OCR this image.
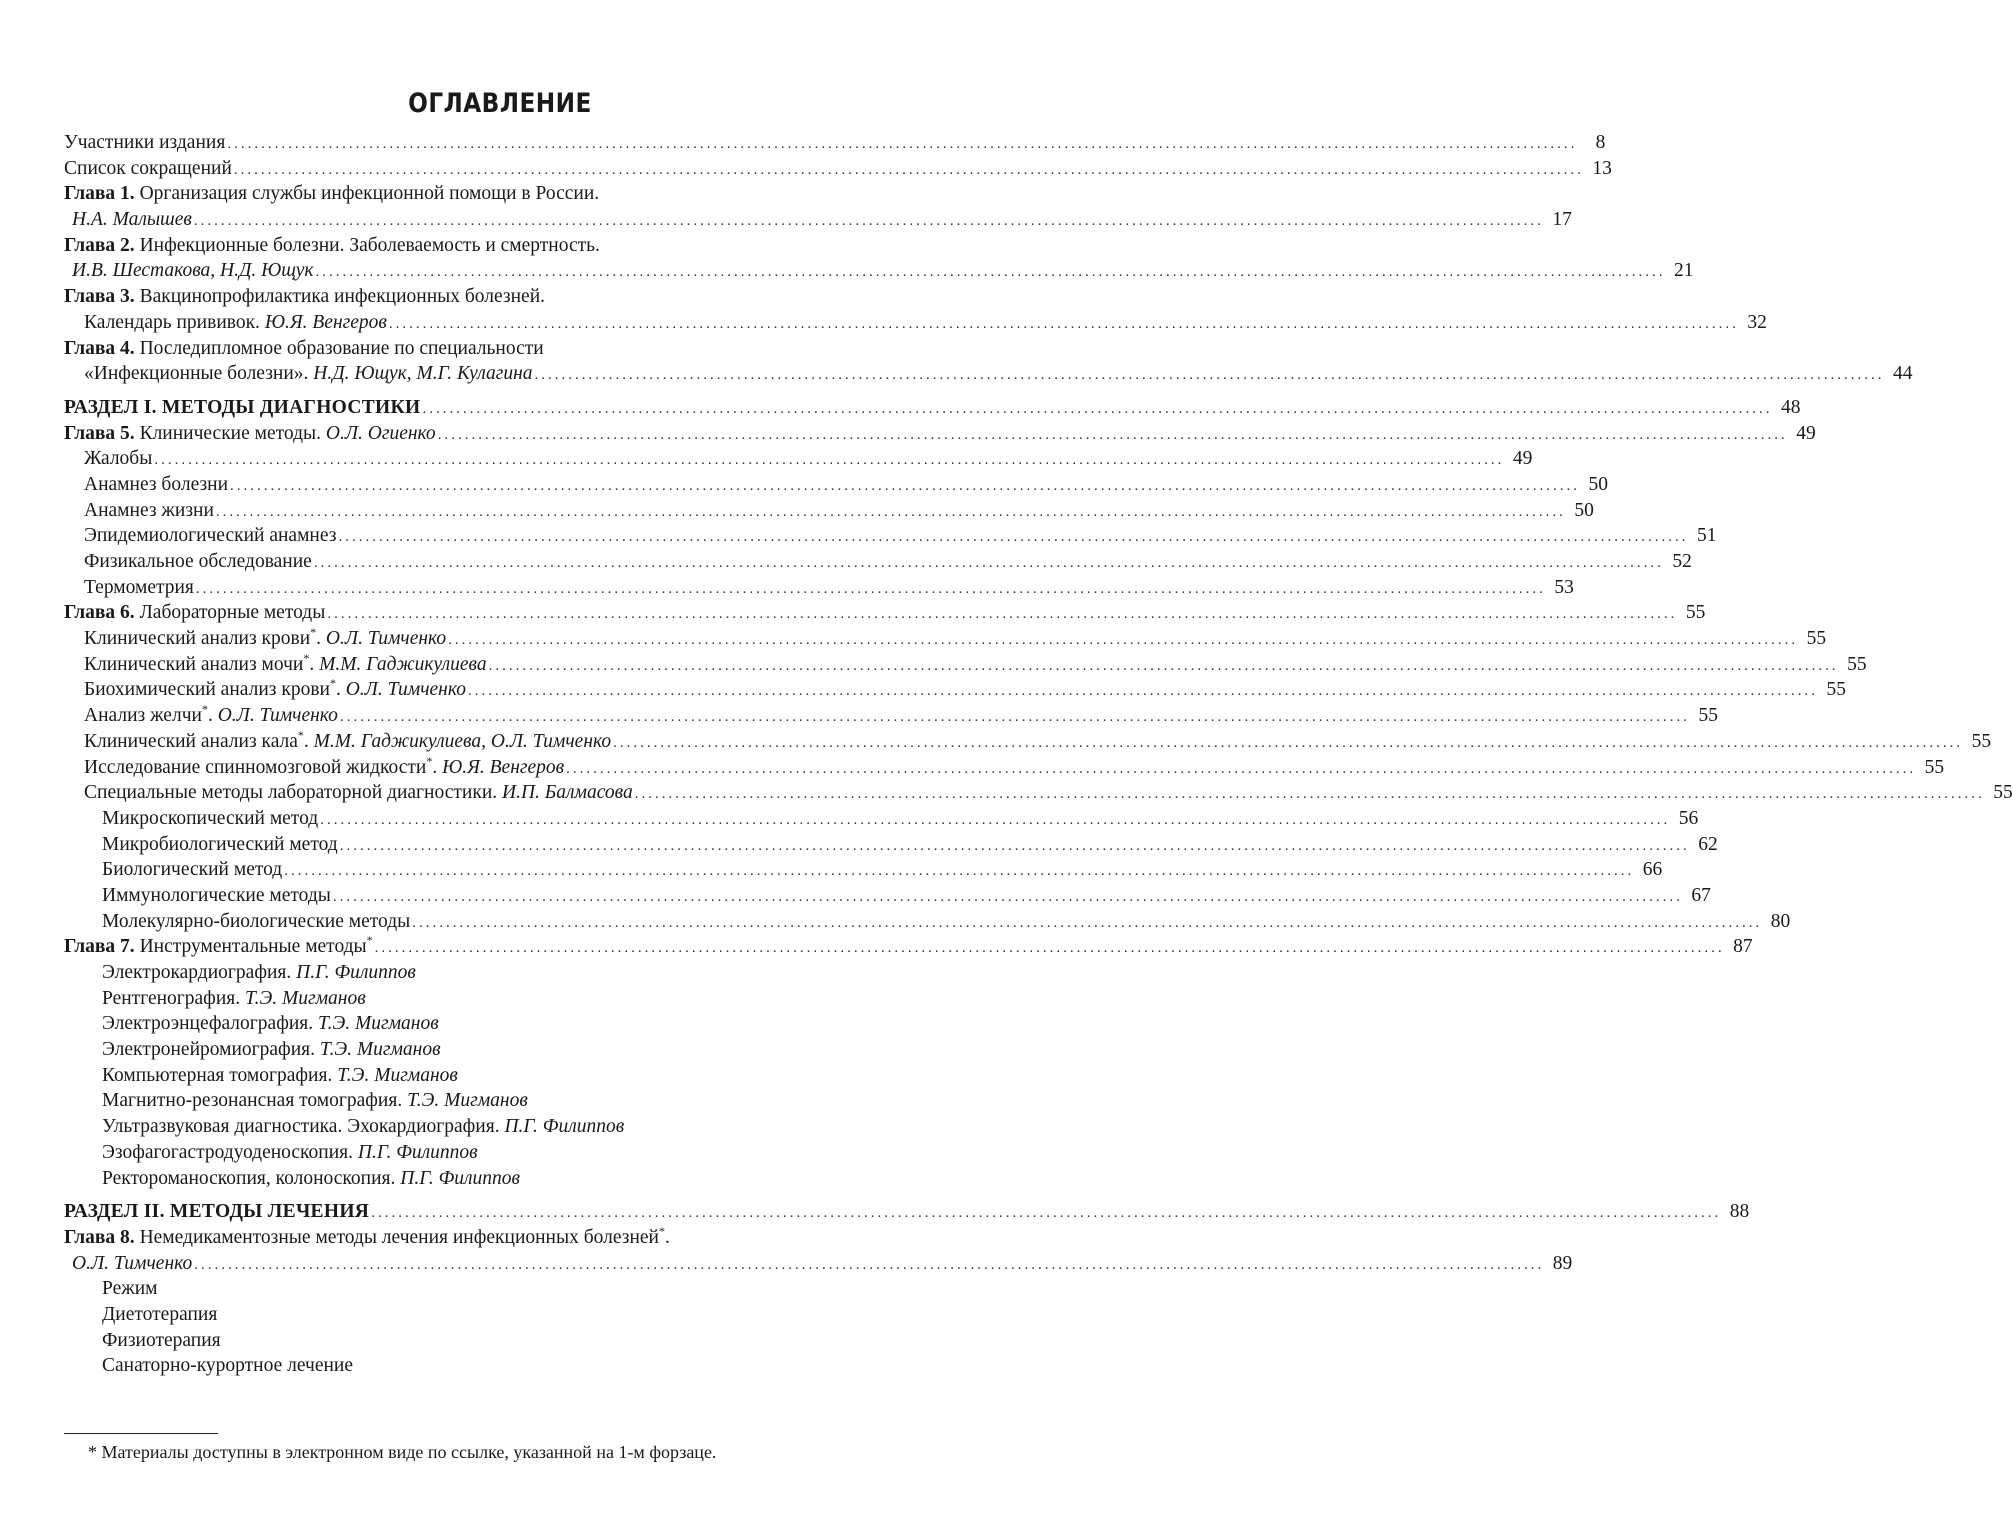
ОГЛАВЛЕНИЕ
Участники издания ........................................................................................................................................................................................................ 8
Список сокращений ........................................................................................................................................................................................................ 13
Глава 1. Организация службы инфекционной помощи в России.
Н.А. Малышев ........................................................................................................................................................................................................ 17
Глава 2. Инфекционные болезни. Заболеваемость и смертность.
И.В. Шестакова, Н.Д. Ющук ........................................................................................................................................................................................................ 21
Глава 3. Вакцинопрофилактика инфекционных болезней.
Календарь прививок. Ю.Я. Венгеров ........................................................................................................................................................................................................ 32
Глава 4. Последипломное образование по специальности
«Инфекционные болезни». Н.Д. Ющук, М.Г. Кулагина ........................................................................................................................................................................................................ 44
РАЗДЕЛ I. МЕТОДЫ ДИАГНОСТИКИ ........................................................................................................................................................................................................ 48
Глава 5. Клинические методы. О.Л. Огиенко ........................................................................................................................................................................................................ 49
Жалобы ........................................................................................................................................................................................................ 49
Анамнез болезни ........................................................................................................................................................................................................ 50
Анамнез жизни ........................................................................................................................................................................................................ 50
Эпидемиологический анамнез ........................................................................................................................................................................................................ 51
Физикальное обследование ........................................................................................................................................................................................................ 52
Термометрия ........................................................................................................................................................................................................ 53
Глава 6. Лабораторные методы ........................................................................................................................................................................................................ 55
Клинический анализ крови*. О.Л. Тимченко ........................................................................................................................................................................................................ 55
Клинический анализ мочи*. М.М. Гаджикулиева ........................................................................................................................................................................................................ 55
Биохимический анализ крови*. О.Л. Тимченко ........................................................................................................................................................................................................ 55
Анализ желчи*. О.Л. Тимченко ........................................................................................................................................................................................................ 55
Клинический анализ кала*. М.М. Гаджикулиева, О.Л. Тимченко ........................................................................................................................................................................................................ 55
Исследование спинномозговой жидкости*. Ю.Я. Венгеров ........................................................................................................................................................................................................ 55
Специальные методы лабораторной диагностики. И.П. Балмасова ........................................................................................................................................................................................................ 55
Микроскопический метод ........................................................................................................................................................................................................ 56
Микробиологический метод ........................................................................................................................................................................................................ 62
Биологический метод ........................................................................................................................................................................................................ 66
Иммунологические методы ........................................................................................................................................................................................................ 67
Молекулярно-биологические методы ........................................................................................................................................................................................................ 80
Глава 7. Инструментальные методы* ........................................................................................................................................................................................................ 87
Электрокардиография. П.Г. Филиппов
Рентгенография. Т.Э. Мигманов
Электроэнцефалография. Т.Э. Мигманов
Электронейромиография. Т.Э. Мигманов
Компьютерная томография. Т.Э. Мигманов
Магнитно-резонансная томография. Т.Э. Мигманов
Ультразвуковая диагностика. Эхокардиография. П.Г. Филиппов
Эзофагогастродуоденоскопия. П.Г. Филиппов
Ректороманоскопия, колоноскопия. П.Г. Филиппов
РАЗДЕЛ II. МЕТОДЫ ЛЕЧЕНИЯ ........................................................................................................................................................................................................ 88
Глава 8. Немедикаментозные методы лечения инфекционных болезней*.
О.Л. Тимченко ........................................................................................................................................................................................................ 89
Режим
Диетотерапия
Физиотерапия
Санаторно-курортное лечение
* Материалы доступны в электронном виде по ссылке, указанной на 1-м форзаце.
